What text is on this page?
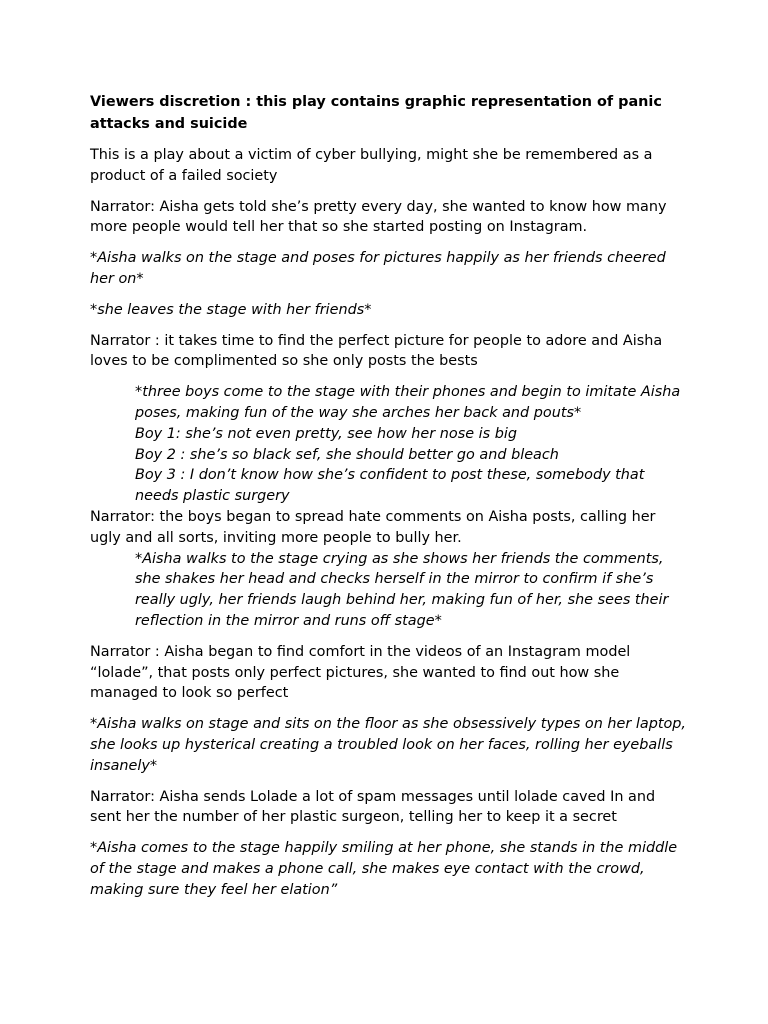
Viewers discretion : this play contains graphic representation of panic attacks and suicide

This is a play about a victim of cyber bullying, might she be remembered as a product of a failed society

Narrator: Aisha gets told she’s pretty every day, she wanted to know how many more people would tell her that so she started posting on Instagram.

*Aisha walks on the stage and poses for pictures happily as her friends cheered her on*

*she leaves the stage with her friends*

Narrator : it takes time to find the perfect picture for people to adore and Aisha loves to be complimented so she only posts the bests

*three boys come to the stage with their phones and begin to imitate Aisha poses, making fun of the way she arches her back and pouts*

Boy 1: she’s not even pretty, see how her nose is big

Boy 2 : she’s so black sef, she should better go and bleach

Boy 3 : I don’t know how she’s confident to post these, somebody that needs plastic surgery

Narrator: the boys began to spread hate comments on Aisha posts, calling her ugly and all sorts, inviting more people to bully her.

*Aisha walks to the stage crying as she shows her friends the comments, she shakes her head and checks herself in the mirror to confirm if she’s really ugly, her friends laugh behind her, making fun of her, she sees their reflection in the mirror and runs off stage*

Narrator : Aisha began to find comfort in the videos of an Instagram model “lolade”, that posts only perfect pictures, she wanted to find out how she managed to look so perfect

*Aisha walks on stage and sits on the floor as she obsessively types on her laptop, she looks up hysterical creating a troubled look on her faces, rolling her eyeballs insanely*

Narrator: Aisha sends Lolade a lot of spam messages until lolade caved In and sent her the number of her plastic surgeon, telling her to keep it a secret

*Aisha comes to the stage happily smiling at her phone, she stands in the middle of the stage and makes a phone call, she makes eye contact with the crowd, making sure they feel her elation”
